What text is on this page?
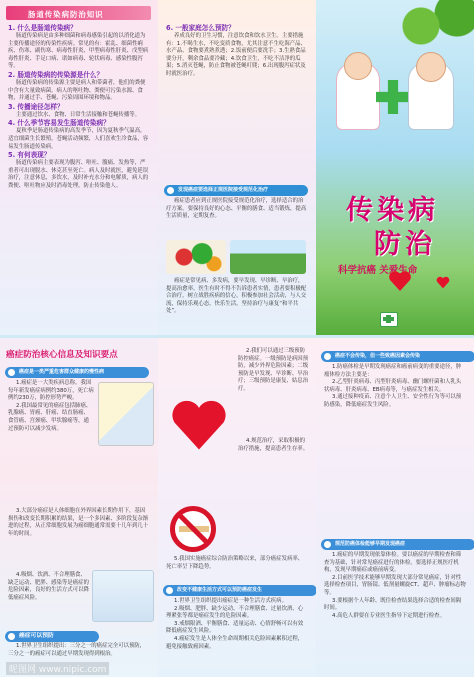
肠道传染病防治知识
1. 什么是肠道传染病？

肠道传染病是由多种细菌和病毒感染引起的以消化道为主要传播途径的传染性疾病。常见的有：霍乱、细菌性痢疾、伤寒、副伤寒、病毒性肝炎、甲型病毒性肝炎、戊型病毒性肝炎、手足口病、诺如病毒、轮状病毒、感染性腹泻等。

2. 肠道传染病的传染源是什么？

肠道传染病的传染源主要是病人和带菌者，他们的粪便中含有大量致病菌。病人的呕吐物、粪便可污染水源、食物，并通过手、苍蝇、污染周围环境和物品。

3. 传播途径怎样？

主要通过饮水、食物、日常生活接触和苍蝇传播等。

4. 什么季节容易发生肠道传染病？

夏秋季是肠道传染病的高发季节，因为夏秋季气温高，适宜细菌生长繁殖，苍蝇活动频繁，人们喜欢生冷食品，容易发生肠道传染病。

5. 有何表现？

肠道传染病主要表现为腹泻、呕吐、腹痛、发热等，严重者可出现脱水、休克甚至死亡。病人及时就医，避免延误治疗，注意休息，多饮水，及时补充水分和电解质，病人的粪便、呕吐物应及时消毒处理，防止传染他人。

6. 一般家庭怎么预防？

养成良好的卫生习惯，注意饮食和饮水卫生。主要措施有：1.不喝生水，不吃变质食物，尤其注意不生吃海产品、水产品、食物要煮熟煮透；2.饭前便后要洗手；3.生熟食品要分开，剩余食品要冷藏；4.饮食卫生，不吃不洁净的瓜果；5.消灭苍蝇，防止食物被苍蝇叮爬；6.出现腹泻症状及时就医治疗。

发现癌症要选择正规医院接受规范化治疗

癌症患者应到正规医院接受规范化治疗，选择适合的治疗方案。要保持良好的心态、平衡的膳食、适当锻炼，提高生活质量，定期复查。

癌症是常见病、多发病，要早发现、早诊断、早治疗，提高治愈率。医生有时不得不告诉患者实情，患者要积极配合治疗，树立战胜疾病的信心，积极参加社会活动，与人交流，保持乐观心态，快乐生活，坚持治疗与康复“和平共处”。

传染病
防治
科学抗癌 关爱生命
癌症防治核心信息及知识要点
癌症是一类严重危害群众健康的慢性病

1.癌症是一大类疾病总称。我国每年新发癌症病例约380万，死亡病例约230万，防控形势严峻。

2.我国最常见的癌症包括肺癌、乳腺癌、胃癌、肝癌、结直肠癌、食管癌、宫颈癌、甲状腺癌等，通过预防可以减少发病。

3.大部分癌症是人体细胞在外界因素长期作用下，基因损伤和改变长期积累的结果，是一个多因素、多阶段复杂渐进的过程，从正常细胞发展为癌细胞通常需要十几年到几十年的时间。

4.吸烟、饮酒、不合理膳食、缺乏运动、肥胖、感染等是癌症的危险因素，良好的生活方式可以降低癌症风险。

癌症可以预防

1.世界卫生组织提出：三分之一的癌症完全可以预防，三分之一的癌症可以通过早期发现得到根治。

2.我们可以通过三级预防防控癌症。一级预防是病因预防，减少外界危险因素；二级预防是早发现、早诊断、早治疗；三级预防是康复、姑息治疗。

4.规范治疗，采取积极的治疗措施，提高患者生存率。

5.我国实施癌症综合防治策略以来，部分癌症发病率、死亡率呈下降趋势。

改变不健康生活方式可以预防癌症发生

1.世界卫生组织提出癌症是一种生活方式疾病。

2.吸烟、肥胖、缺少运动、不合理膳食、过量饮酒、心理紧张等都是癌症发生的危险因素。

3.戒烟限酒、平衡膳食、适量运动、心情舒畅可以有效降低癌症发生风险。

4.癌症发生是人体全生命周期相关危险因素累积过程，避免接触致癌因素。

癌症不会传染，但一些致癌因素会传染

1.防癌体检是早期发现癌症和癌前病变的重要途径，肿瘤体检方法主要是：

2.乙型肝炎病毒、丙型肝炎病毒、幽门螺杆菌和人乳头状病毒、肝炎病毒、EB病毒等，与癌症发生相关。

3.通过接种疫苗、注意个人卫生、安全性行为等可以预防感染，降低癌症发生风险。

规范防癌体检能够早期发现癌症

1.癌症的早期发现依靠体检。要以癌症的早期检查和筛查为基础，针对常见癌症进行的体检，要选择正规医疗机构，发现早期癌症或癌前病变。

2.目前医学技术能够早期发现大部分常见癌症，针对性选择检查项目，胃肠镜、低剂量螺旋CT、超声、肿瘤标志物等。

3.要根据个人年龄、既往检查结果选择合适的检查间隔时间。

4.高危人群要在专业医生指导下定期进行检查。

昵图网 www.nipic.com
